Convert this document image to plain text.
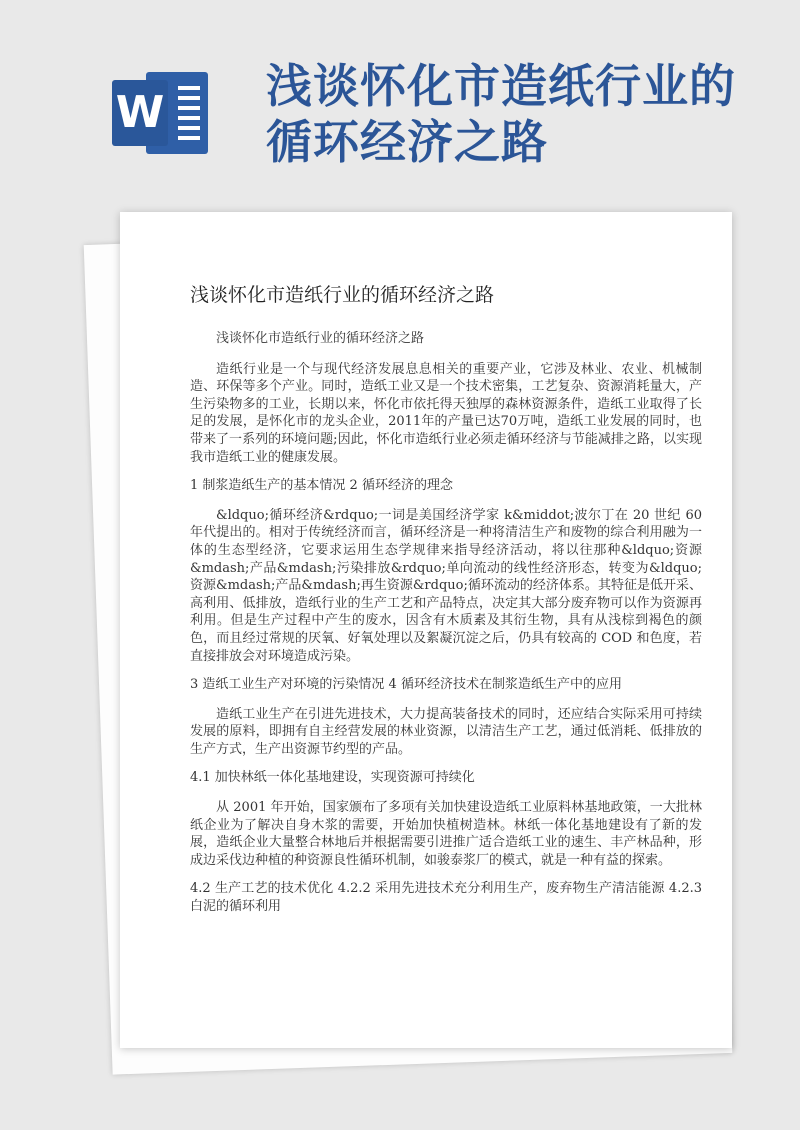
W 浅谈怀化市造纸行业的循环经济之路
浅谈怀化市造纸行业的循环经济之路

浅谈怀化市造纸行业的循环经济之路

造纸行业是一个与现代经济发展息息相关的重要产业，它涉及林业、农业、机械制造、环保等多个产业。同时，造纸工业又是一个技术密集，工艺复杂、资源消耗量大，产生污染物多的工业，长期以来，怀化市依托得天独厚的森林资源条件，造纸工业取得了长足的发展，是怀化市的龙头企业，2011年的产量已达70万吨，造纸工业发展的同时，也带来了一系列的环境问题;因此，怀化市造纸行业必须走循环经济与节能减排之路，以实现我市造纸工业的健康发展。

1 制浆造纸生产的基本情况 2 循环经济的理念

&ldquo;循环经济&rdquo;一词是美国经济学家 k&middot;波尔丁在 20 世纪 60 年代提出的。相对于传统经济而言，循环经济是一种将清洁生产和废物的综合利用融为一体的生态型经济，它要求运用生态学规律来指导经济活动，将以往那种&ldquo;资源&mdash;产品&mdash;污染排放&rdquo;单向流动的线性经济形态，转变为&ldquo;资源&mdash;产品&mdash;再生资源&rdquo;循环流动的经济体系。其特征是低开采、高利用、低排放，造纸行业的生产工艺和产品特点，决定其大部分废弃物可以作为资源再利用。但是生产过程中产生的废水，因含有木质素及其衍生物，具有从浅棕到褐色的颜色，而且经过常规的厌氧、好氧处理以及絮凝沉淀之后，仍具有较高的 COD 和色度，若直接排放会对环境造成污染。

3 造纸工业生产对环境的污染情况 4 循环经济技术在制浆造纸生产中的应用

造纸工业生产在引进先进技术，大力提高装备技术的同时，还应结合实际采用可持续发展的原料，即拥有自主经营发展的林业资源，以清洁生产工艺，通过低消耗、低排放的生产方式，生产出资源节约型的产品。

4.1 加快林纸一体化基地建设，实现资源可持续化

从 2001 年开始，国家颁布了多项有关加快建设造纸工业原料林基地政策，一大批林纸企业为了解决自身木浆的需要，开始加快植树造林。林纸一体化基地建设有了新的发展，造纸企业大量整合林地后并根据需要引进推广适合造纸工业的速生、丰产林品种，形成边采伐边种植的种资源良性循环机制，如骏泰浆厂的模式，就是一种有益的探索。

4.2 生产工艺的技术优化 4.2.2 采用先进技术充分利用生产，废弃物生产清洁能源 4.2.3 白泥的循环利用
